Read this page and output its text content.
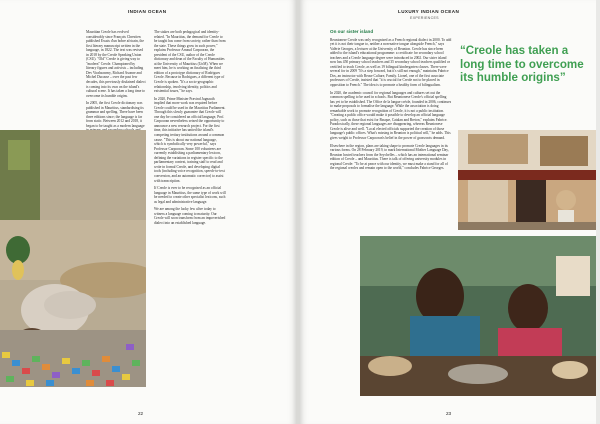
INDIAN OCEAN

Mauritian Creole has evolved considerably since François Chrestien published Essais d'un bobre africain, the first literary manuscript written in the language, in 1822. The text was revised in 2018 by the Creole Speaking Union (CSU). "Old" Creole is giving way to "modern" Creole. Championed by literary figures and activists – including Dev Virahsawmy, Richard Asonne and Michel Ducasse – over the past few decades, this previously disdained dialect is coming into its own on the island's cultural scene. It has taken a long time to overcome its humble origins.

In 2005, the first Creole dictionary was published in Mauritius, standardising its grammar and spelling. There have been three editions since; the language is far from static. Between 2012 and 2018, it began to be taught as a modern language

The stakes are both pedagogical and identity-related. "In Mauritius, the demand for Creole to be taught has come from society, rather than from the state. These things grow in such power," explains Professor Arnaud Carpooran, the president of the CSU, author of the Creole dictionary and dean of the Faculty of Humanities at the University of Mauritius (UoM). When we meet him, he is working on finalising the third edition of a prototype dictionary of Rodrigues Creole. Because in Rodrigues, a different type of Creole is spoken. "It's a socio-geographic relationship, involving identity, politics and existential issues," he says.

In 2020, Prime Minister Pravind Jugnauth implied that more work was required before Creole could be used in the Mauritius Parliament. Through this slowly guarantee that Creole will one day be considered an official language, Prof. Carpooran nevertheless seized the opportunity to announce a new research project. For the first time, this initiative has united the island's competing tertiary institutions around a common cause. "This is about our national language, which is symbolically very powerful," says Professor Carpooran. Some 100 volunteers are currently establishing a parliamentary lexicon, defining the variations in register specific to the parliamentary context, training staff to read and write in formal Creole, and developing digital tools (including voice recognition, speech-to-text conversion, and an automatic corrector) to assist with transcription.

If Creole is ever to be recognised as an official language in Mauritius, the same type of work will be needed to create other specialist lexicons, such as legal and administrative language.

We are among the lucky few alive today to witness a language coming to maturity. Our Creole will soon transform from an impoverished dialect into an established language.

22
LUXURY INDIAN OCEAN
EXPERIENCES
On our sister island

Reunionese Creole was only recognised as a French regional dialect in 2000. To add yet it is not their tongue to, neither a non-native tongue alongside French," says Valérie Georges, a lecturer at the University of Reunion. Creole has since been added to the island's educational programme: a certificate for secondary school teachers and a Creole language degree were introduced in 2002. Our sister island now has 450 primary school teachers and 35 secondary school teachers qualified or certified to teach Creole, as well as 19 bilingual kindergarten classes. There were several for in 2009 "It's a step forward, but it's still not enough," maintains Fabrice Dos, an instructor with Reuse Culture, Family. Lionel, one of the first associate professors of Creole, insisted that "it is crucial for Creole not to be placed in opposition to French." The idea is to promote a healthy form of bilingualism.

In 2020, the academic council for regional languages and cultures set out the common spelling to be used in schools. But Reunionese Creole's official spelling has yet to be established. The Office de la langue créole, founded in 2006, continues to make proposals to formalise the language. While the association is doing remarkable work to promote recognition of Creole, it is not a public institution. "Creating a public office would make it possible to develop an official language policy, such as those that exist for Basque, Catalan and Breton," explains Fabrice. Paradoxically, these regional languages are disappearing, whereas Reunionese Creole is alive and well. "Local elected officials supported the creation of those language's public offices. What's missing in Reunion is political will," he adds. This gives weight to Professor Carpooran's belief in the power of grassroots demand.

Elsewhere in the region, plans are taking shape to promote Creole languages in its various forms. On 28 February 2019, to mark International Mother Language Day, Reunion hosted teachers from the Seychelles – which has an international seminar edition of Creole – and Mauritius. There is talk of offering university modules in regional Creole: "To be at peace with our identity, we must make a stand for all of the regional creoles and remain open to the world," concludes Fabrice Georges.

“Creole has taken a long time to overcome its humble origins”
23
